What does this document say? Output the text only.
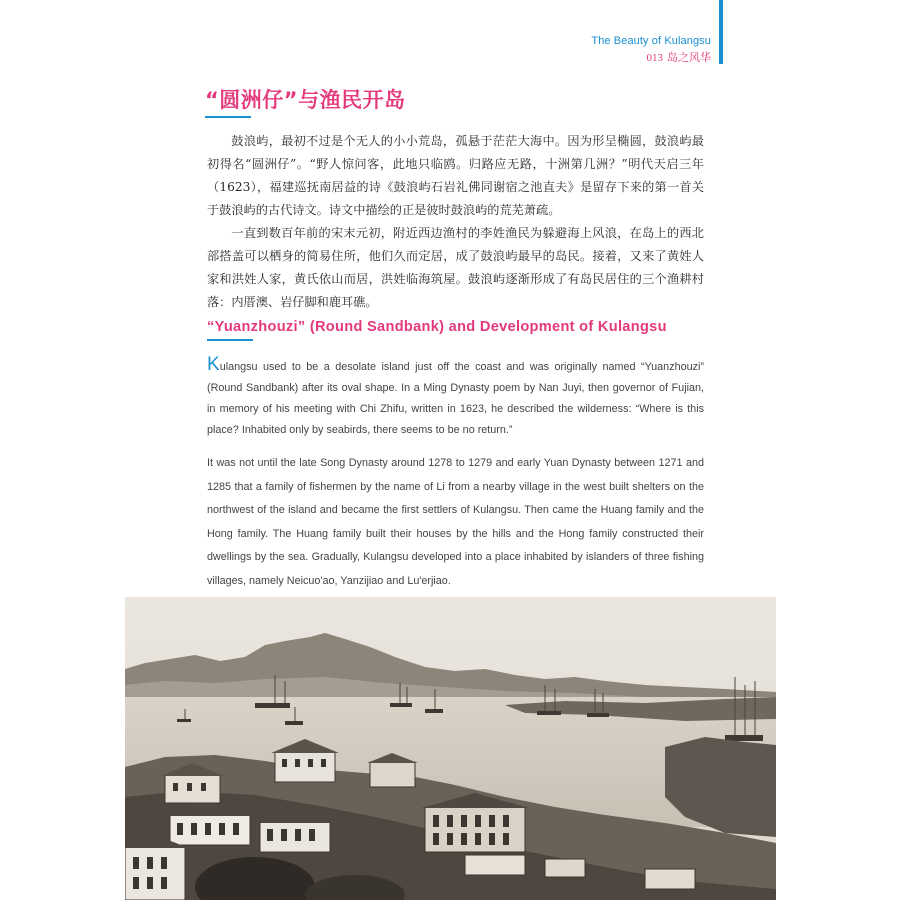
The Beauty of Kulangsu
013 岛之风华
“圆洲仔”与渔民开岛

鼓浪屿，最初不过是个无人的小小荒岛，孤悬于茫茫大海中。因为形呈椭圆，鼓浪屿最初得名“圆洲仔”。“野人惊问客，此地只临鸥。归路应无路，十洲第几洲？”明代天启三年（1623），福建巡抚南居益的诗《鼓浪屿石岩礼佛同谢宿之池直夫》是留存下来的第一首关于鼓浪屿的古代诗文。诗文中描绘的正是彼时鼓浪屿的荒芜萧疏。

一直到数百年前的宋末元初，附近西边渔村的李姓渔民为躲避海上风浪，在岛上的西北部搭盖可以栖身的简易住所，他们久而定居，成了鼓浪屿最早的岛民。接着，又来了黄姓人家和洪姓人家，黄氏依山而居，洪姓临海筑屋。鼓浪屿逐渐形成了有岛民居住的三个渔耕村落：内厝澳、岩仔脚和鹿耳礁。

“Yuanzhouzi” (Round Sandbank) and Development of Kulangsu

Kulangsu used to be a desolate island just off the coast and was originally named “Yuanzhouzi” (Round Sandbank) after its oval shape. In a Ming Dynasty poem by Nan Juyi, then governor of Fujian, in memory of his meeting with Chi Zhifu, written in 1623, he described the wilderness: “Where is this place? Inhabited only by seabirds, there seems to be no return.”

It was not until the late Song Dynasty around 1278 to 1279 and early Yuan Dynasty between 1271 and 1285 that a family of fishermen by the name of Li from a nearby village in the west built shelters on the northwest of the island and became the first settlers of Kulangsu. Then came the Huang family and the Hong family. The Huang family built their houses by the hills and the Hong family constructed their dwellings by the sea. Gradually, Kulangsu developed into a place inhabited by islanders of three fishing villages, namely Neicuo'ao, Yanzijiao and Lu'erjiao.
